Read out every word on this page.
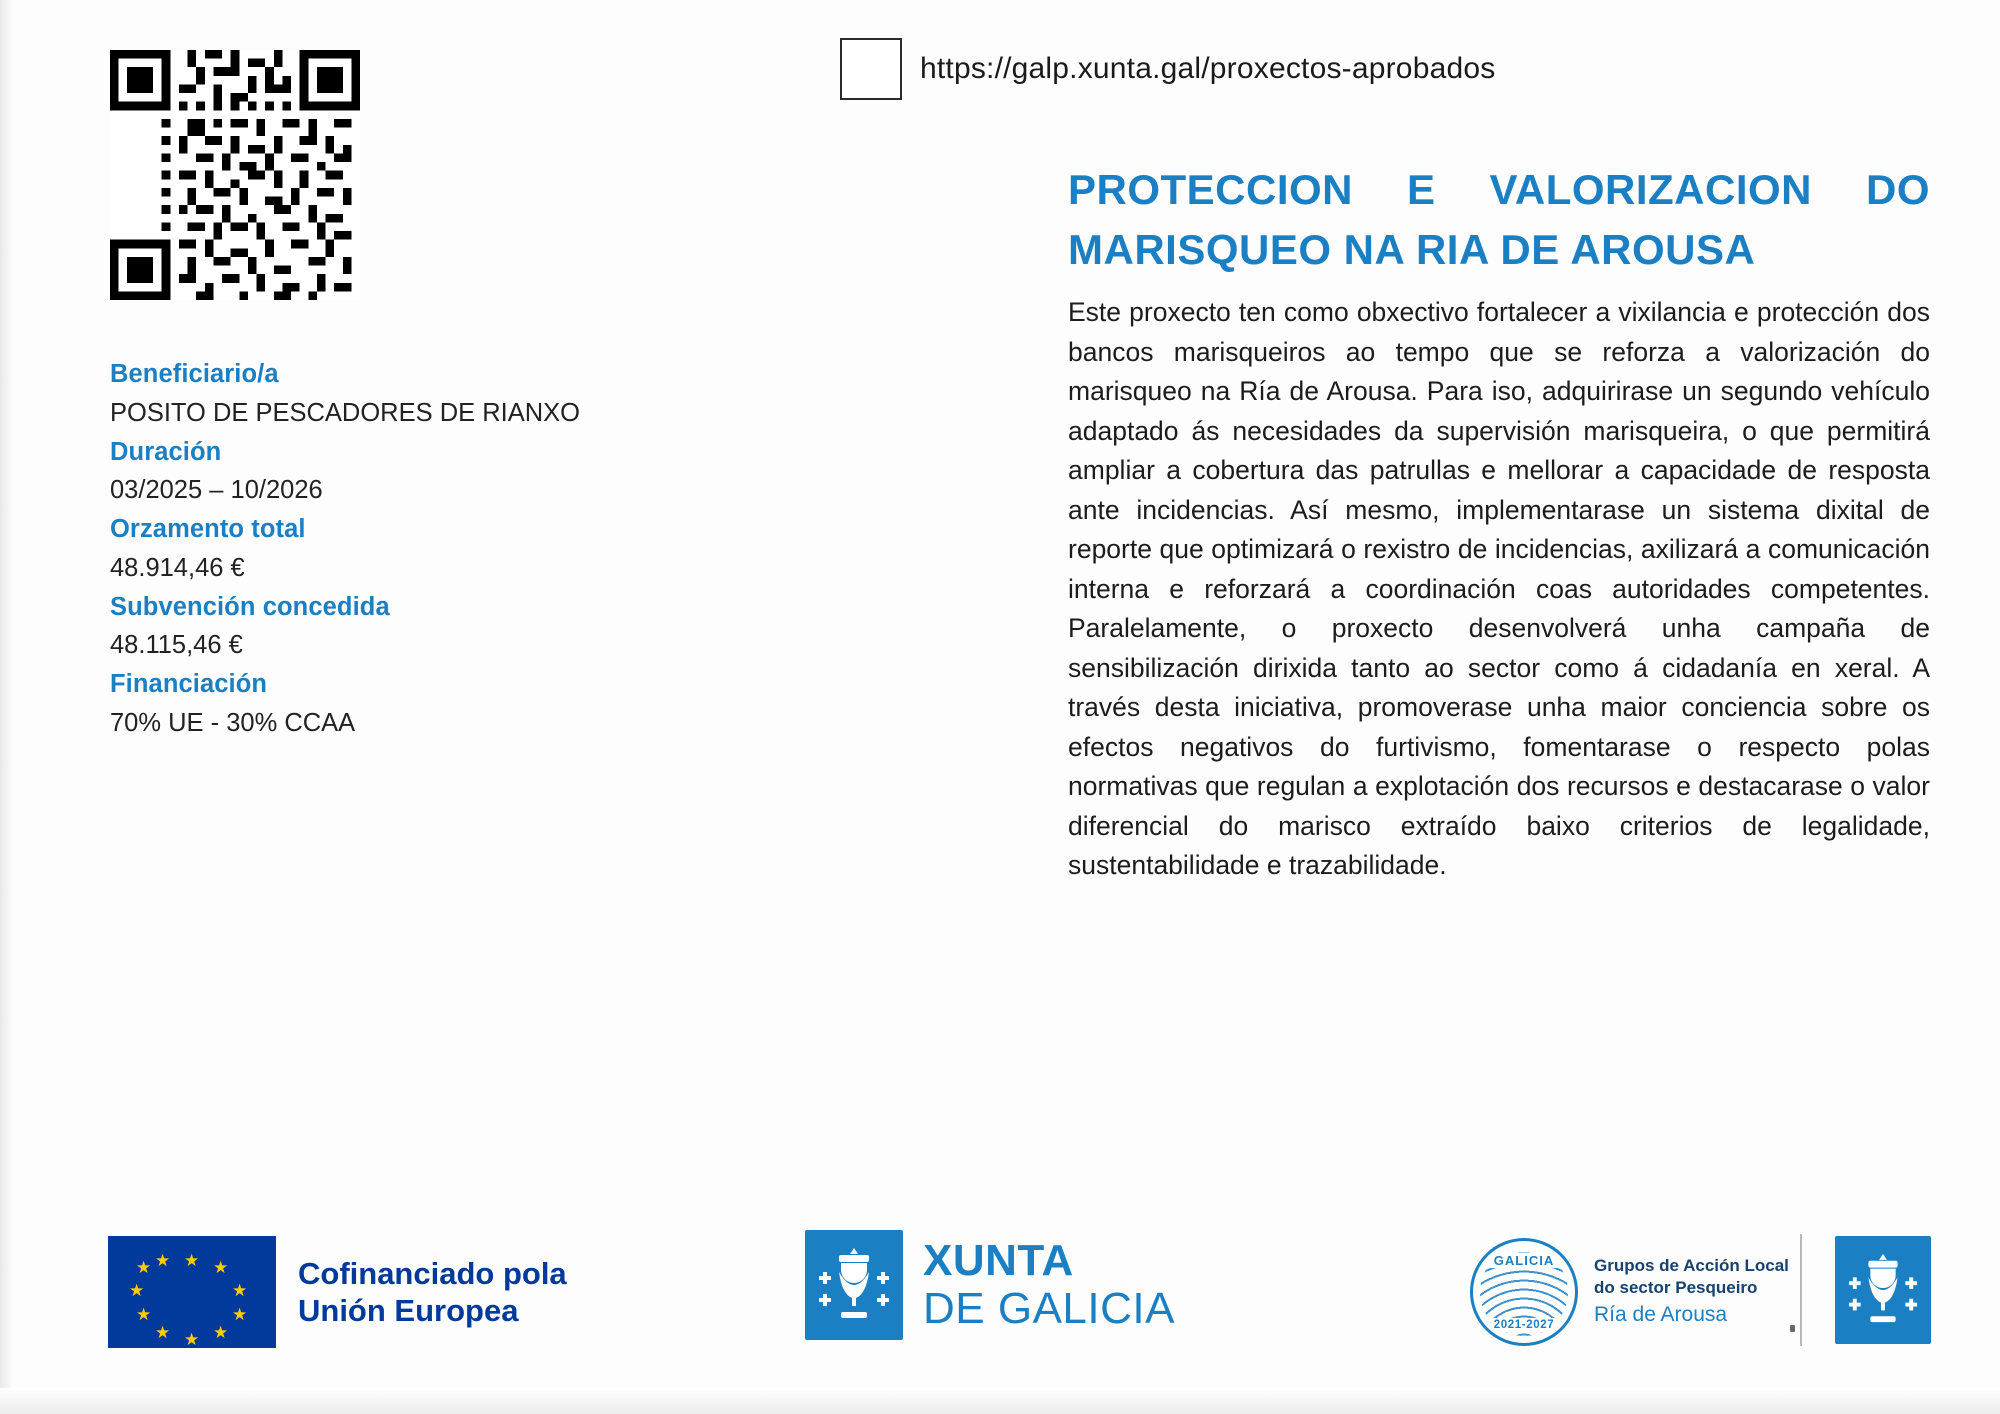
Beneficiario/a
POSITO DE PESCADORES DE RIANXO
Duración
03/2025 – 10/2026
Orzamento total
48.914,46 €
Subvención concedida
48.115,46 €
Financiación
70% UE - 30% CCAA
https://galp.xunta.gal/proxectos-aprobados
PROTECCION E VALORIZACION DO MARISQUEO NA RIA DE AROUSA

Este proxecto ten como obxectivo fortalecer a vixilancia e protección dos bancos marisqueiros ao tempo que se reforza a valorización do marisqueo na Ría de Arousa. Para iso, adquirirase un segundo vehículo adaptado ás necesidades da supervisión marisqueira, o que permitirá ampliar a cobertura das patrullas e mellorar a capacidade de resposta ante incidencias. Así mesmo, implementarase un sistema dixital de reporte que optimizará o rexistro de incidencias, axilizará a comunicación interna e reforzará a coordinación coas autoridades competentes. Paralelamente, o proxecto desenvolverá unha campaña de sensibilización dirixida tanto ao sector como á cidadanía en xeral. A través desta iniciativa, promoverase unha maior conciencia sobre os efectos negativos do furtivismo, fomentarase o respecto polas normativas que regulan a explotación dos recursos e destacarase o valor diferencial do marisco extraído baixo criterios de legalidade, sustentabilidade e trazabilidade.

★ ★
★
★
★
★
★
★
★
★ ★	Cofinanciado pola
Unión Europea
XUNTA
DE GALICIA
GALICIA
2021-2027
Grupos de Acción Local
do sector Pesqueiro
Ría de Arousa
